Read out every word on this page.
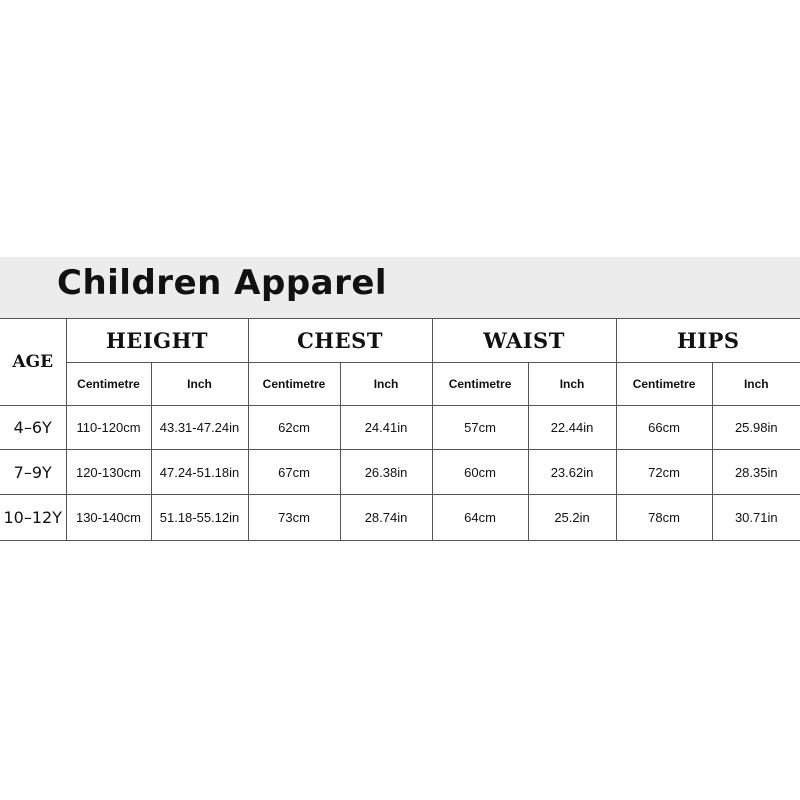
Children Apparel
AGE	HEIGHT		CHEST		WAIST		HIPS	
	Centimetre	Inch	Centimetre	Inch	Centimetre	Inch	Centimetre	Inch
4–6Y	110-120cm	43.31-47.24in	62cm	24.41in	57cm	22.44in	66cm	25.98in
7–9Y	120-130cm	47.24-51.18in	67cm	26.38in	60cm	23.62in	72cm	28.35in
10–12Y	130-140cm	51.18-55.12in	73cm	28.74in	64cm	25.2in	78cm	30.71in
